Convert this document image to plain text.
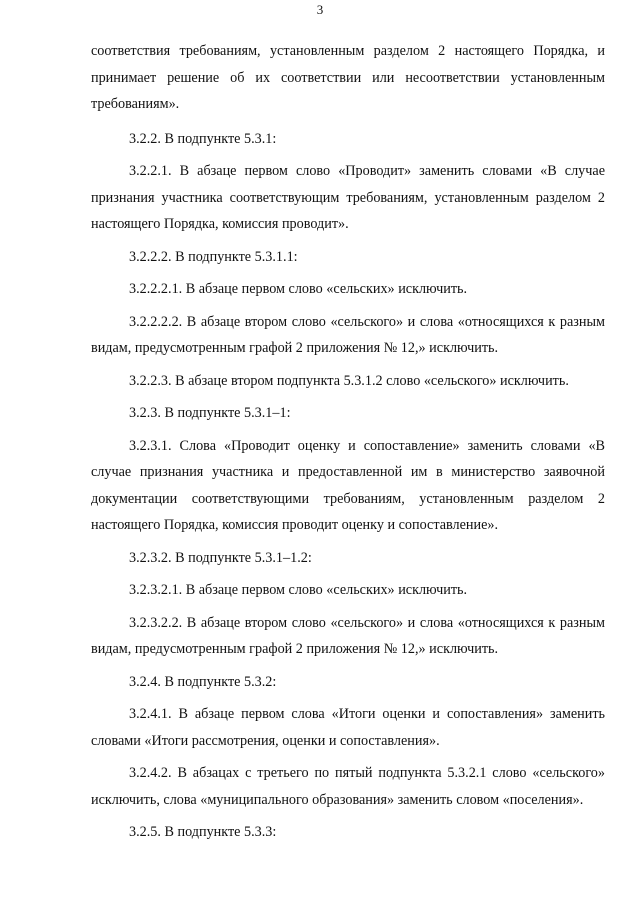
3

соответствия требованиям, установленным разделом 2 настоящего Порядка, и принимает решение об их соответствии или несоответствии установленным требованиям».

3.2.2. В подпункте 5.3.1:

3.2.2.1. В абзаце первом слово «Проводит» заменить словами «В случае признания участника соответствующим требованиям, установленным разделом 2 настоящего Порядка, комиссия проводит».

3.2.2.2. В подпункте 5.3.1.1:

3.2.2.2.1. В абзаце первом слово «сельских» исключить.

3.2.2.2.2. В абзаце втором слово «сельского» и слова «относящихся к разным видам, предусмотренным графой 2 приложения № 12,» исключить.

3.2.2.3. В абзаце втором подпункта 5.3.1.2 слово «сельского» исключить.

3.2.3. В подпункте 5.3.1–1:

3.2.3.1. Слова «Проводит оценку и сопоставление» заменить словами «В случае признания участника и предоставленной им в министерство заявочной документации соответствующими требованиям, установленным разделом 2 настоящего Порядка, комиссия проводит оценку и сопоставление».

3.2.3.2. В подпункте 5.3.1–1.2:

3.2.3.2.1. В абзаце первом слово «сельских» исключить.

3.2.3.2.2. В абзаце втором слово «сельского» и слова «относящихся к разным видам, предусмотренным графой 2 приложения № 12,» исключить.

3.2.4. В подпункте 5.3.2:

3.2.4.1. В абзаце первом слова «Итоги оценки и сопоставления» заменить словами «Итоги рассмотрения, оценки и сопоставления».

3.2.4.2. В абзацах с третьего по пятый подпункта 5.3.2.1 слово «сельского» исключить, слова «муниципального образования» заменить словом «поселения».

3.2.5. В подпункте 5.3.3:
